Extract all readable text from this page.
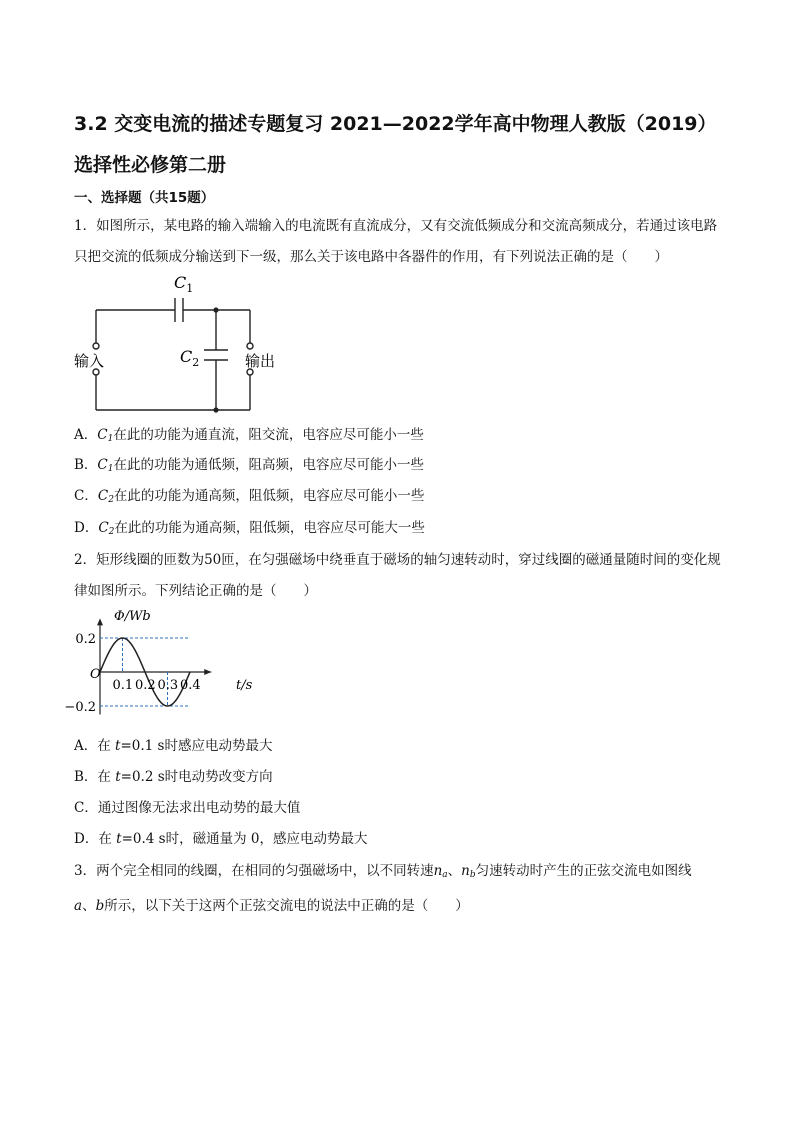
3.2 交变电流的描述专题复习 2021—2022学年高中物理人教版（2019）选择性必修第二册
一、选择题（共15题）
1．如图所示，某电路的输入端输入的电流既有直流成分，又有交流低频成分和交流高频成分，若通过该电路只把交流的低频成分输送到下一级，那么关于该电路中各器件的作用，有下列说法正确的是（　　）
$C_1$
$C_2$
输入	输出
A．$C_1$在此的功能为通直流，阻交流，电容应尽可能小一些
B．$C_1$在此的功能为通低频，阻高频，电容应尽可能小一些
C．$C_2$在此的功能为通高频，阻低频，电容应尽可能小一些
D．$C_2$在此的功能为通高频，阻低频，电容应尽可能大一些
2．矩形线圈的匝数为50匝，在匀强磁场中绕垂直于磁场的轴匀速转动时，穿过线圈的磁通量随时间的变化规律如图所示。下列结论正确的是（　　）
0.1 0.2 0.3 0.4
0.2
−0.2
Φ/Wb
t/s
O
A．在 t=0.1 s时感应电动势最大
B．在 t=0.2 s时电动势改变方向
C．通过图像无法求出电动势的最大值
D．在 t=0.4 s时，磁通量为 0，感应电动势最大
3．两个完全相同的线圈，在相同的匀强磁场中，以不同转速$n_a$、$n_b$匀速转动时产生的正弦交流电如图线
a、b所示，以下关于这两个正弦交流电的说法中正确的是（　　）
